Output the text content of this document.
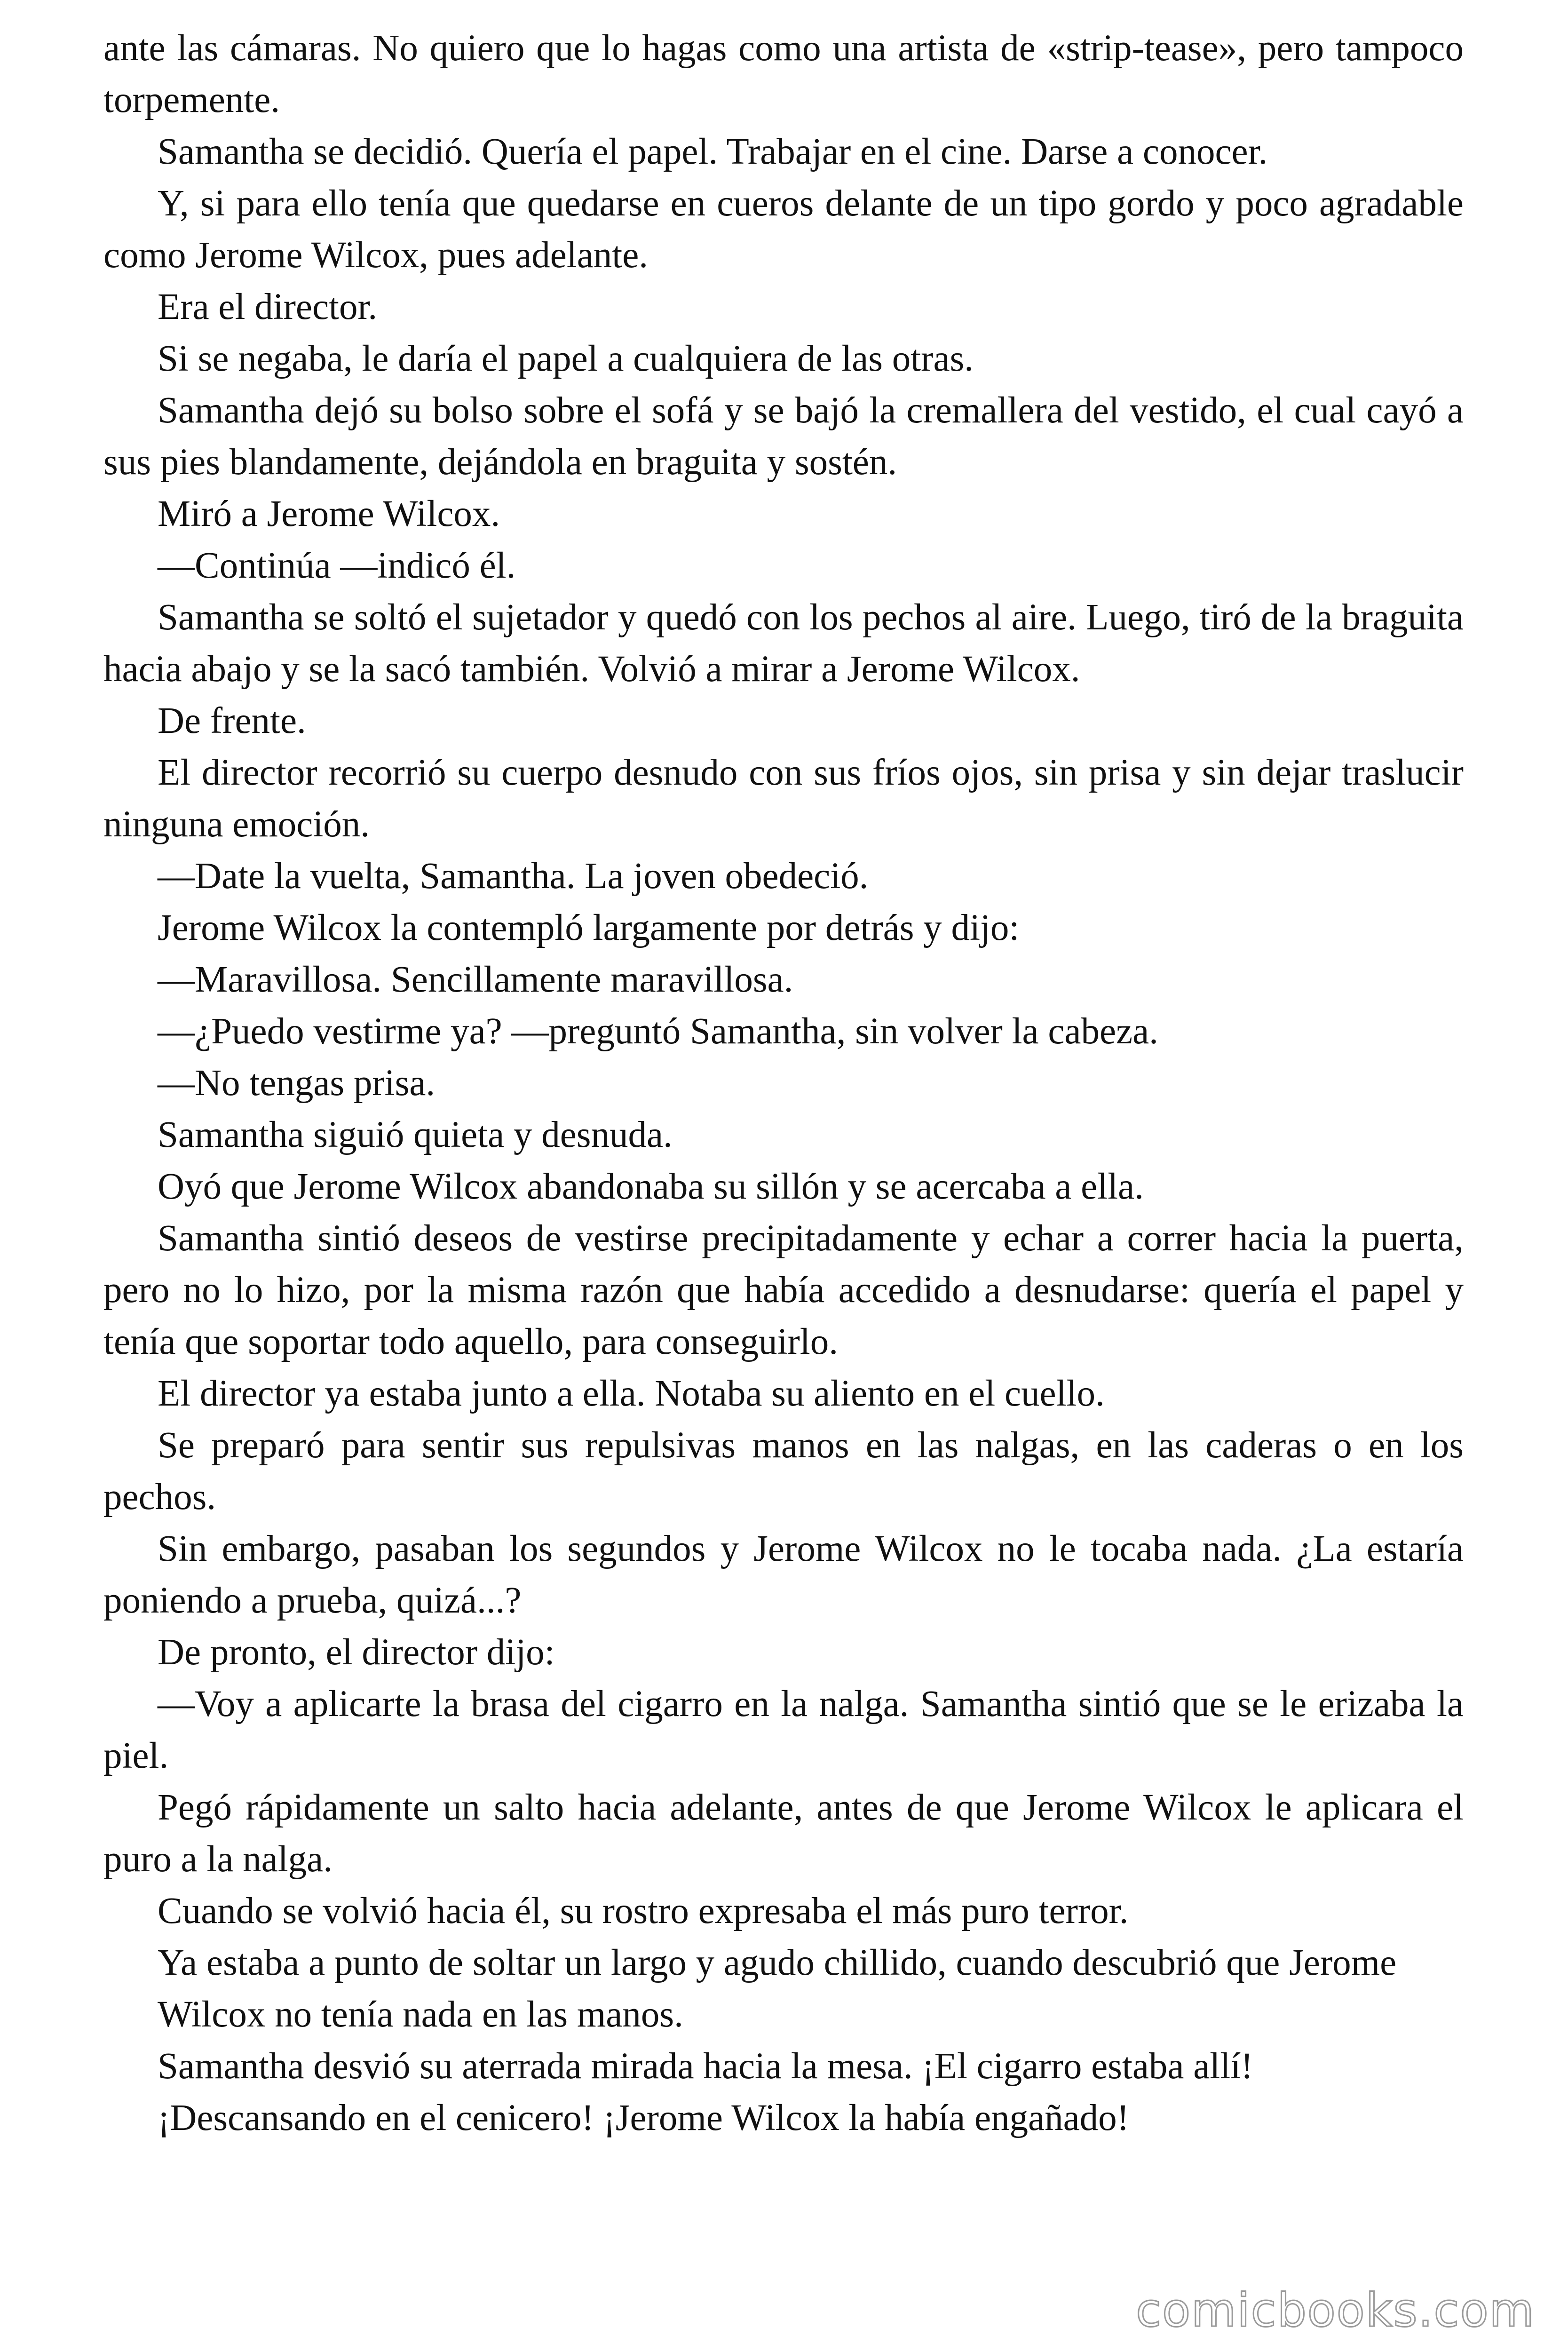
ante las cámaras. No quiero que lo hagas como una artista de «strip-tease», pero tampoco torpemente.

Samantha se decidió. Quería el papel. Trabajar en el cine. Darse a conocer.

Y, si para ello tenía que quedarse en cueros delante de un tipo gordo y poco agradable como Jerome Wilcox, pues adelante.

Era el director.

Si se negaba, le daría el papel a cualquiera de las otras.

Samantha dejó su bolso sobre el sofá y se bajó la cremallera del vestido, el cual cayó a sus pies blandamente, dejándola en braguita y sostén.

Miró a Jerome Wilcox.

—Continúa —indicó él.

Samantha se soltó el sujetador y quedó con los pechos al aire. Luego, tiró de la braguita hacia abajo y se la sacó también. Volvió a mirar a Jerome Wilcox.

De frente.

El director recorrió su cuerpo desnudo con sus fríos ojos, sin prisa y sin dejar traslucir ninguna emoción.

—Date la vuelta, Samantha. La joven obedeció.

Jerome Wilcox la contempló largamente por detrás y dijo:

—Maravillosa. Sencillamente maravillosa.

—¿Puedo vestirme ya? —preguntó Samantha, sin volver la cabeza.

—No tengas prisa.

Samantha siguió quieta y desnuda.

Oyó que Jerome Wilcox abandonaba su sillón y se acercaba a ella.

Samantha sintió deseos de vestirse precipitadamente y echar a correr hacia la puerta, pero no lo hizo, por la misma razón que había accedido a desnudarse: quería el papel y tenía que soportar todo aquello, para conseguirlo.

El director ya estaba junto a ella. Notaba su aliento en el cuello.

Se preparó para sentir sus repulsivas manos en las nalgas, en las caderas o en los pechos.

Sin embargo, pasaban los segundos y Jerome Wilcox no le tocaba nada. ¿La estaría poniendo a prueba, quizá...?

De pronto, el director dijo:

—Voy a aplicarte la brasa del cigarro en la nalga. Samantha sintió que se le erizaba la piel.

Pegó rápidamente un salto hacia adelante, antes de que Jerome Wilcox le aplicara el puro a la nalga.

Cuando se volvió hacia él, su rostro expresaba el más puro terror.

Ya estaba a punto de soltar un largo y agudo chillido, cuando descubrió que Jerome

Wilcox no tenía nada en las manos.

Samantha desvió su aterrada mirada hacia la mesa. ¡El cigarro estaba allí!

¡Descansando en el cenicero! ¡Jerome Wilcox la había engañado!

comicbooks.com
